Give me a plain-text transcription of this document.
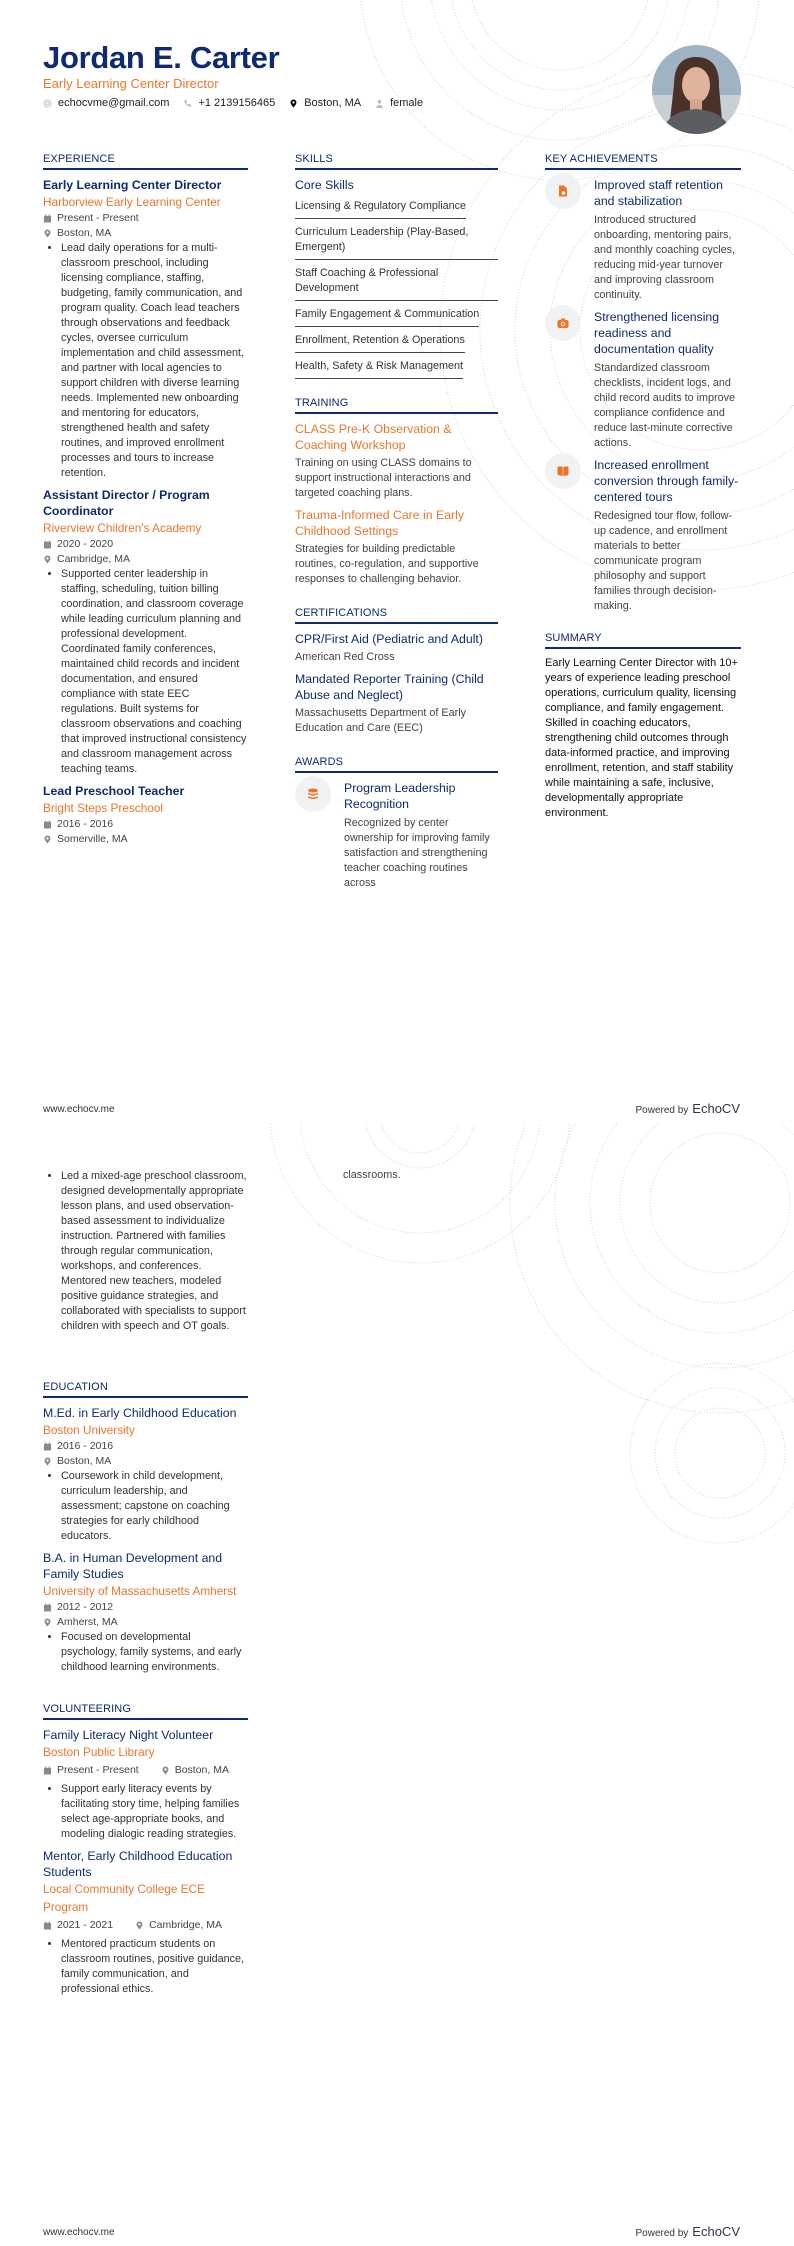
Jordan E. Carter
Early Learning Center Director
echocvme@gmail.com	+1 2139156465	Boston, MA	female
EXPERIENCE
Early Learning Center Director
Harborview Early Learning Center
Present - Present
Boston, MA
• Lead daily operations for a multi-classroom preschool, including licensing compliance, staffing, budgeting, family communication, and program quality. Coach lead teachers through observations and feedback cycles, oversee curriculum implementation and child assessment, and partner with local agencies to support children with diverse learning needs. Implemented new onboarding and mentoring for educators, strengthened health and safety routines, and improved enrollment processes and tours to increase retention.
Assistant Director / Program Coordinator
Riverview Children's Academy
2020 - 2020
Cambridge, MA
• Supported center leadership in staffing, scheduling, tuition billing coordination, and classroom coverage while leading curriculum planning and professional development. Coordinated family conferences, maintained child records and incident documentation, and ensured compliance with state EEC regulations. Built systems for classroom observations and coaching that improved instructional consistency and classroom management across teaching teams.
Lead Preschool Teacher
Bright Steps Preschool
2016 - 2016
Somerville, MA
SKILLS
Core Skills
Licensing & Regulatory Compliance
Curriculum Leadership (Play-Based, Emergent)
Staff Coaching & Professional Development
Family Engagement & Communication
Enrollment, Retention & Operations
Health, Safety & Risk Management
TRAINING
CLASS Pre-K Observation & Coaching Workshop
Training on using CLASS domains to support instructional interactions and targeted coaching plans.
Trauma-Informed Care in Early Childhood Settings
Strategies for building predictable routines, co-regulation, and supportive responses to challenging behavior.
CERTIFICATIONS
CPR/First Aid (Pediatric and Adult)
American Red Cross
Mandated Reporter Training (Child Abuse and Neglect)
Massachusetts Department of Early Education and Care (EEC)
AWARDS
Program Leadership Recognition
Recognized by center ownership for improving family satisfaction and strengthening teacher coaching routines across
KEY ACHIEVEMENTS
Improved staff retention and stabilization
Introduced structured onboarding, mentoring pairs, and monthly coaching cycles, reducing mid-year turnover and improving classroom continuity.
Strengthened licensing readiness and documentation quality
Standardized classroom checklists, incident logs, and child record audits to improve compliance confidence and reduce last-minute corrective actions.
Increased enrollment conversion through family-centered tours
Redesigned tour flow, follow-up cadence, and enrollment materials to better communicate program philosophy and support families through decision-making.
SUMMARY
Early Learning Center Director with 10+ years of experience leading preschool operations, curriculum quality, licensing compliance, and family engagement. Skilled in coaching educators, strengthening child outcomes through data-informed practice, and improving enrollment, retention, and staff stability while maintaining a safe, inclusive, developmentally appropriate environment.
www.echocv.me	Powered by EchoCV
• Led a mixed-age preschool classroom, designed developmentally appropriate lesson plans, and used observation-based assessment to individualize instruction. Partnered with families through regular communication, workshops, and conferences. Mentored new teachers, modeled positive guidance strategies, and collaborated with specialists to support children with speech and OT goals.
classrooms.
EDUCATION
M.Ed. in Early Childhood Education
Boston University
2016 - 2016
Boston, MA
• Coursework in child development, curriculum leadership, and assessment; capstone on coaching strategies for early childhood educators.
B.A. in Human Development and Family Studies
University of Massachusetts Amherst
2012 - 2012
Amherst, MA
• Focused on developmental psychology, family systems, and early childhood learning environments.
VOLUNTEERING
Family Literacy Night Volunteer
Boston Public Library
Present - Present	Boston, MA
• Support early literacy events by facilitating story time, helping families select age-appropriate books, and modeling dialogic reading strategies.
Mentor, Early Childhood Education Students
Local Community College ECE Program
2021 - 2021	Cambridge, MA
• Mentored practicum students on classroom routines, positive guidance, family communication, and professional ethics.
www.echocv.me	Powered by EchoCV
